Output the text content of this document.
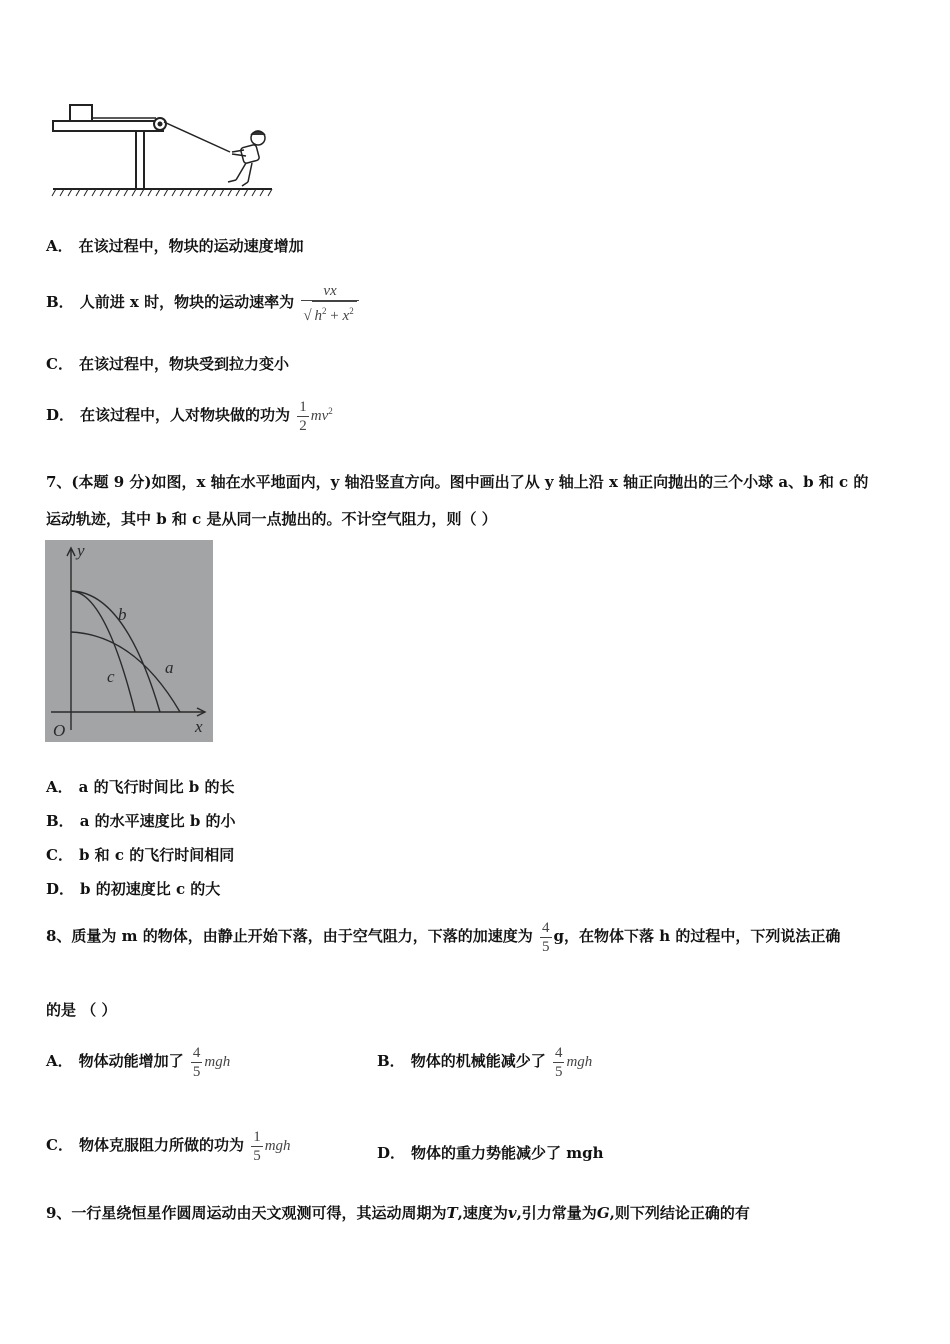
A． 在该过程中，物块的运动速度增加
B． 人前进 x 时，物块的运动速率为 $\frac{vx}{√ h^2 + x^2}$
C． 在该过程中，物块受到拉力变小
D． 在该过程中，人对物块做的功为 $\frac{1}{2} mv^2$
7、(本题 9 分)如图，x 轴在水平地面内，y 轴沿竖直方向。图中画出了从 y 轴上沿 x 轴正向抛出的三个小球 a、b 和 c 的
运动轨迹，其中 b 和 c 是从同一点抛出的。不计空气阻力，则（ ）
y
x
O
b
c	a
A． a 的飞行时间比 b 的长
B． a 的水平速度比 b 的小
C． b 和 c 的飞行时间相同
D． b 的初速度比 c 的大
8、质量为 m 的物体，由静止开始下落，由于空气阻力，下落的加速度为 $\frac{4}{5}$ g，在物体下落 h 的过程中，下列说法正确
的是 （ ）
A． 物体动能增加了 $\frac{4}{5}$ mgh	B． 物体的机械能减少了 $\frac{4}{5}$ mgh
C． 物体克服阻力所做的功为 $\frac{1}{5}$ mgh	D． 物体的重力势能减少了 mgh
9、一行星绕恒星作圆周运动由天文观测可得，其运动周期为T,速度为v,引力常量为G,则下列结论正确的有
